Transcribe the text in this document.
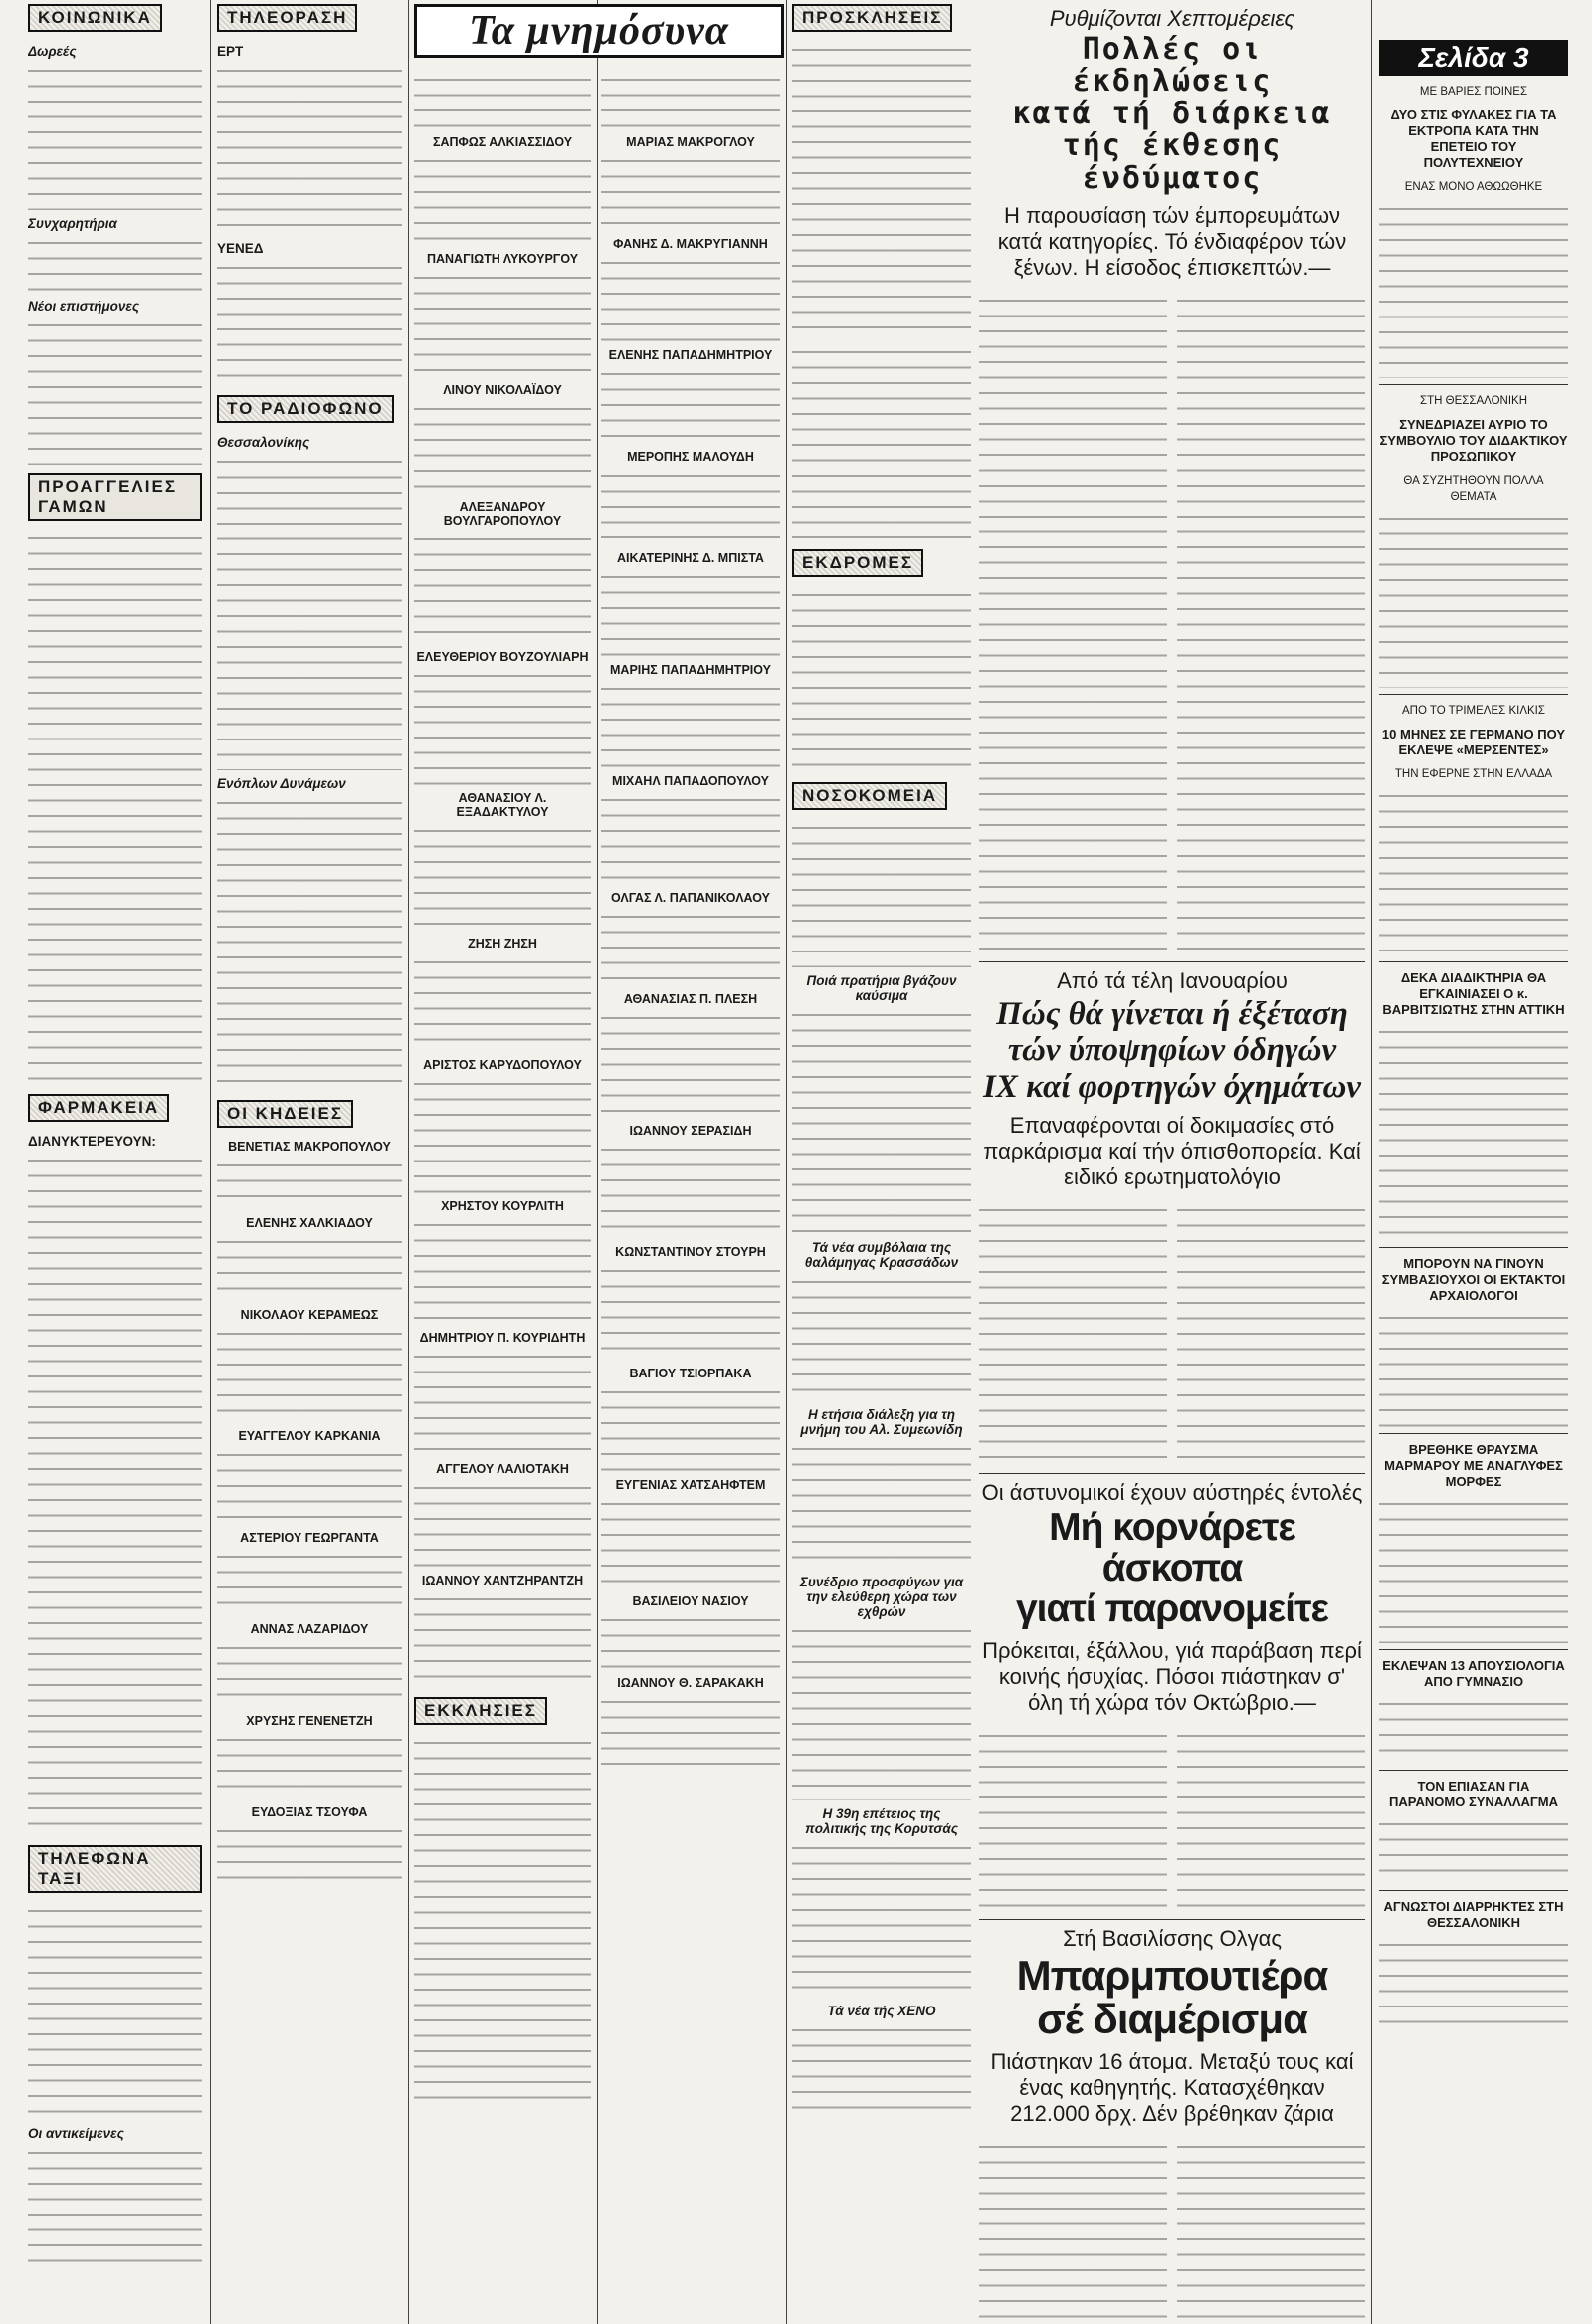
ΚΟΙΝΩΝΙΚΑ
Δωρεές
Συνχαρητήρια
Νέοι επιστήμονες
ΠΡΟΑΓΓΕΛΙΕΣ ΓΑΜΩΝ
ΦΑΡΜΑΚΕΙΑ
ΔΙΑΝΥΚΤΕΡΕΥΟΥΝ:
ΤΗΛΕΦΩΝΑ ΤΑΞΙ
Οι αντικείμενες
ΤΗΛΕΟΡΑΣΗ
ΕΡΤ
ΥΕΝΕΔ
ΤΟ ΡΑΔΙΟΦΩΝΟ
Θεσσαλονίκης
Ενόπλων Δυνάμεων
ΟΙ ΚΗΔΕΙΕΣ
ΒΕΝΕΤΙΑΣ ΜΑΚΡΟΠΟΥΛΟΥ
ΕΛΕΝΗΣ ΧΑΛΚΙΑΔΟΥ
ΝΙΚΟΛΑΟΥ ΚΕΡΑΜΕΩΣ
ΕΥΑΓΓΕΛΟΥ ΚΑΡΚΑΝΙΑ
ΑΣΤΕΡΙΟΥ ΓΕΩΡΓΑΝΤΑ
ΑΝΝΑΣ ΛΑΖΑΡΙΔΟΥ
ΧΡΥΣΗΣ ΓΕΝΕΝΕΤΖΗ
ΕΥΔΟΞΙΑΣ ΤΣΟΥΦΑ
Τα μνημόσυνα
ΣΑΠΦΩΣ ΑΛΚΙΑΣΣΙΔΟΥ
ΠΑΝΑΓΙΩΤΗ ΛΥΚΟΥΡΓΟΥ
ΛΙΝΟΥ ΝΙΚΟΛΑΪΔΟΥ
ΑΛΕΞΑΝΔΡΟΥ ΒΟΥΛΓΑΡΟΠΟΥΛΟΥ
ΕΛΕΥΘΕΡΙΟΥ ΒΟΥΖΟΥΛΙΑΡΗ
ΑΘΑΝΑΣΙΟΥ Λ. ΕΞΑΔΑΚΤΥΛΟΥ
ΖΗΣΗ ΖΗΣΗ
ΑΡΙΣΤΟΣ ΚΑΡΥΔΟΠΟΥΛΟΥ
ΧΡΗΣΤΟΥ ΚΟΥΡΛΙΤΗ
ΔΗΜΗΤΡΙΟΥ Π. ΚΟΥΡΙΔΗΤΗ
ΑΓΓΕΛΟΥ ΛΑΛΙΟΤΑΚΗ
ΙΩΑΝΝΟΥ ΧΑΝΤΖΗΡΑΝΤΖΗ
ΕΚΚΛΗΣΙΕΣ
ΜΑΡΙΑΣ ΜΑΚΡΟΓΛΟΥ
ΦΑΝΗΣ Δ. ΜΑΚΡΥΓΙΑΝΝΗ
ΕΛΕΝΗΣ ΠΑΠΑΔΗΜΗΤΡΙΟΥ
ΜΕΡΟΠΗΣ ΜΑΛΟΥΔΗ
ΑΙΚΑΤΕΡΙΝΗΣ Δ. ΜΠΙΣΤΑ
ΜΑΡΙΗΣ ΠΑΠΑΔΗΜΗΤΡΙΟΥ
ΜΙΧΑΗΛ ΠΑΠΑΔΟΠΟΥΛΟΥ
ΟΛΓΑΣ Λ. ΠΑΠΑΝΙΚΟΛΑΟΥ
ΑΘΑΝΑΣΙΑΣ Π. ΠΛΕΣΗ
ΙΩΑΝΝΟΥ ΣΕΡΑΣΙΔΗ
ΚΩΝΣΤΑΝΤΙΝΟΥ ΣΤΟΥΡΗ
ΒΑΓΙΟΥ ΤΣΙΟΡΠΑΚΑ
ΕΥΓΕΝΙΑΣ ΧΑΤΣΑΗΦΤΕΜ
ΒΑΣΙΛΕΙΟΥ ΝΑΣΙΟΥ
ΙΩΑΝΝΟΥ Θ. ΣΑΡΑΚΑΚΗ
ΠΡΟΣΚΛΗΣΕΙΣ
ΕΚΔΡΟΜΕΣ
ΝΟΣΟΚΟΜΕΙΑ
Ποιά πρατήρια βγάζουν καύσιμα
Τά νέα συμβόλαια της θαλάμηγας Κρασσάδων
Η ετήσια διάλεξη για τη μνήμη του Αλ. Συμεωνίδη
Συνέδριο προσφύγων για την ελεύθερη χώρα των εχθρών
Η 39η επέτειος της πολιτικής της Κορυτσάς
Τά νέα τής ΧΕΝΟ
Ρυθμίζονται Χεπτομέρειες
Πολλές οι έκδηλώσεις
κατά τή διάρκεια
τής έκθεσης ένδύματος
Η παρουσίαση τών έμπορευμάτων κατά κατηγορίες. Τό ένδιαφέρον τών ξένων. Η είσοδος έπισκεπτών.—
Από τά τέλη Ιανουαρίου
Πώς θά γίνεται ή έξέταση
τών ύποψηφίων όδηγών
ΙΧ καί φορτηγών όχημάτων
Επαναφέρονται οί δοκιμασίες στό παρκάρισμα καί τήν όπισθοπορεία. Καί ειδικό ερωτηματολόγιο
Οι άστυνομικοί έχουν αύστηρές έντολές
Μή κορνάρετε άσκοπα
γιατί παρανομείτε
Πρόκειται, έξάλλου, γιά παράβαση περί κοινής ήσυχίας. Πόσοι πιάστηκαν σ' όλη τή χώρα τόν Οκτώβριο.—
Στή Βασιλίσσης Ολγας
Μπαρμπουτιέρα
σέ διαμέρισμα
Πιάστηκαν 16 άτομα. Μεταξύ τους καί ένας καθηγητής. Κατασχέθηκαν 212.000 δρχ. Δέν βρέθηκαν ζάρια
Σελίδα 3
ΜΕ ΒΑΡΙΕΣ ΠΟΙΝΕΣ
ΔΥΟ ΣΤΙΣ ΦΥΛΑΚΕΣ ΓΙΑ ΤΑ ΕΚΤΡΟΠΑ ΚΑΤΑ ΤΗΝ ΕΠΕΤΕΙΟ ΤΟΥ ΠΟΛΥΤΕΧΝΕΙΟΥ
ΕΝΑΣ ΜΟΝΟ ΑΘΩΩΘΗΚΕ
ΣΤΗ ΘΕΣΣΑΛΟΝΙΚΗ
ΣΥΝΕΔΡΙΑΖΕΙ ΑΥΡΙΟ ΤΟ ΣΥΜΒΟΥΛΙΟ ΤΟΥ ΔΙΔΑΚΤΙΚΟΥ ΠΡΟΣΩΠΙΚΟΥ
ΘΑ ΣΥΖΗΤΗΘΟΥΝ ΠΟΛΛΑ ΘΕΜΑΤΑ
ΑΠΟ ΤΟ ΤΡΙΜΕΛΕΣ ΚΙΛΚΙΣ
10 ΜΗΝΕΣ ΣΕ ΓΕΡΜΑΝΟ ΠΟΥ ΕΚΛΕΨΕ «ΜΕΡΣΕΝΤΕΣ»
ΤΗΝ ΕΦΕΡΝΕ ΣΤΗΝ ΕΛΛΑΔΑ
ΔΕΚΑ ΔΙΑΔΙΚΤΗΡΙΑ ΘΑ ΕΓΚΑΙΝΙΑΣΕΙ Ο κ. ΒΑΡΒΙΤΣΙΩΤΗΣ ΣΤΗΝ ΑΤΤΙΚΗ
ΜΠΟΡΟΥΝ ΝΑ ΓΙΝΟΥΝ ΣΥΜΒΑΣΙΟΥΧΟΙ ΟΙ ΕΚΤΑΚΤΟΙ ΑΡΧΑΙΟΛΟΓΟΙ
ΒΡΕΘΗΚΕ ΘΡΑΥΣΜΑ ΜΑΡΜΑΡΟΥ ΜΕ ΑΝΑΓΛΥΦΕΣ ΜΟΡΦΕΣ
ΕΚΛΕΨΑΝ 13 ΑΠΟΥΣΙΟΛΟΓΙΑ ΑΠΟ ΓΥΜΝΑΣΙΟ
ΤΟΝ ΕΠΙΑΣΑΝ ΓΙΑ ΠΑΡΑΝΟΜΟ ΣΥΝΑΛΛΑΓΜΑ
ΑΓΝΩΣΤΟΙ ΔΙΑΡΡΗΚΤΕΣ ΣΤΗ ΘΕΣΣΑΛΟΝΙΚΗ
